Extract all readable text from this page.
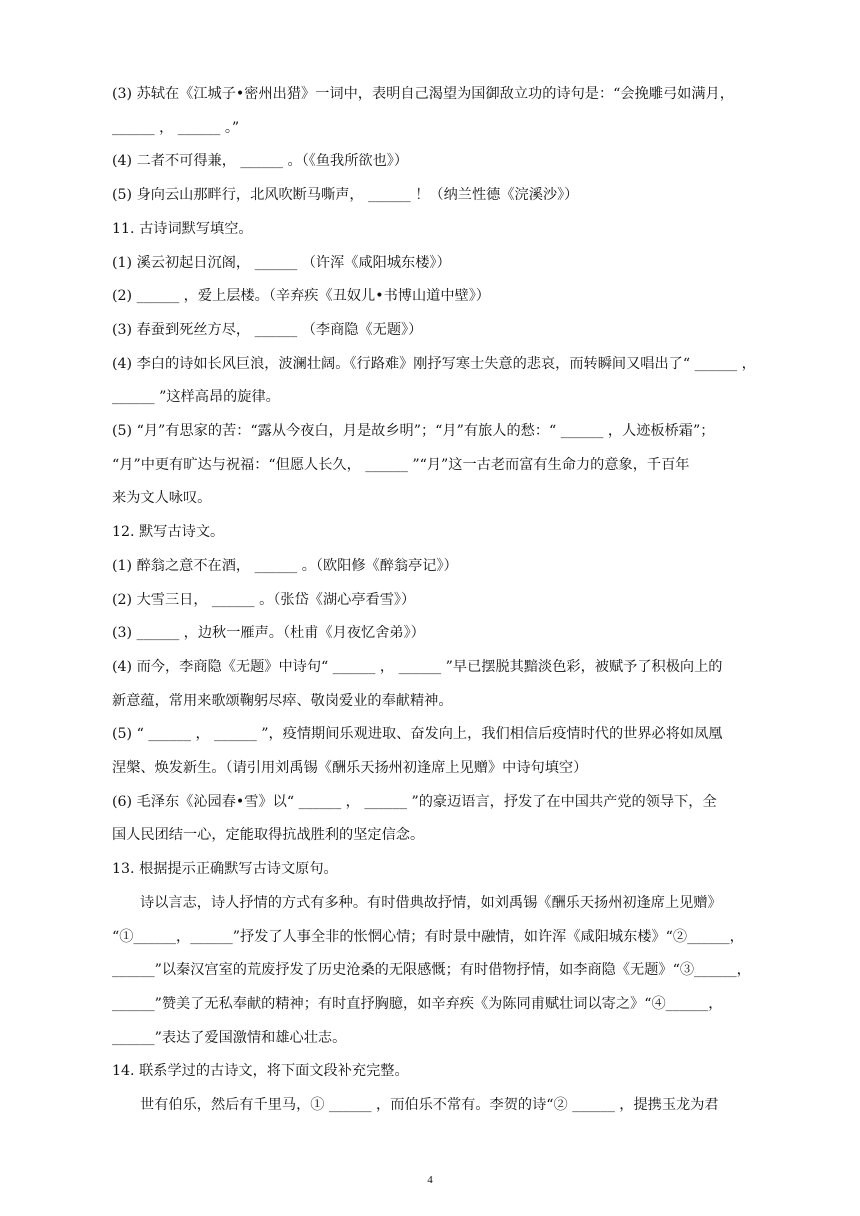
(3) 苏轼在《江城子•密州出猎》一词中，表明自己渴望为国御敌立功的诗句是：“会挽雕弓如满月，

______ ， ______ 。”

(4) 二者不可得兼， ______ 。（《鱼我所欲也》）

(5) 身向云山那畔行，北风吹断马嘶声， ______ ！（纳兰性德《浣溪沙》）

11. 古诗词默写填空。

(1) 溪云初起日沉阁， ______ （许浑《咸阳城东楼》）

(2) ______ ，爱上层楼。（辛弃疾《丑奴儿•书博山道中壁》）

(3) 春蚕到死丝方尽， ______ （李商隐《无题》）

(4) 李白的诗如长风巨浪，波澜壮阔。《行路难》刚抒写寒士失意的悲哀，而转瞬间又唱出了“ ______ ，

______ ”这样高昂的旋律。

(5) “月”有思家的苦：“露从今夜白，月是故乡明”；“月”有旅人的愁：“ ______ ，人迹板桥霜”；

“月”中更有旷达与祝福：“但愿人长久， ______ ”“月”这一古老而富有生命力的意象，千百年

来为文人咏叹。

12. 默写古诗文。

(1) 醉翁之意不在酒， ______ 。（欧阳修《醉翁亭记》）

(2) 大雪三日， ______ 。（张岱《湖心亭看雪》）

(3) ______ ，边秋一雁声。（杜甫《月夜忆舍弟》）

(4) 而今，李商隐《无题》中诗句“ ______ ， ______ ”早已摆脱其黯淡色彩，被赋予了积极向上的

新意蕴，常用来歌颂鞠躬尽瘁、敬岗爱业的奉献精神。

(5) “ ______ ， ______ ”，疫情期间乐观进取、奋发向上，我们相信后疫情时代的世界必将如凤凰

涅槃、焕发新生。（请引用刘禹锡《酬乐天扬州初逢席上见赠》中诗句填空）

(6) 毛泽东《沁园春•雪》以“ ______ ， ______ ”的豪迈语言，抒发了在中国共产党的领导下，全

国人民团结一心，定能取得抗战胜利的坚定信念。

13. 根据提示正确默写古诗文原句。

诗以言志，诗人抒情的方式有多种。有时借典故抒情，如刘禹锡《酬乐天扬州初逢席上见赠》

“①______，______”抒发了人事全非的怅惘心情；有时景中融情，如许浑《咸阳城东楼》“②______，

______”以秦汉宫室的荒废抒发了历史沧桑的无限感慨；有时借物抒情，如李商隐《无题》“③______，

______”赞美了无私奉献的精神；有时直抒胸臆，如辛弃疾《为陈同甫赋壮词以寄之》“④______，

______”表达了爱国激情和雄心壮志。

14. 联系学过的古诗文，将下面文段补充完整。

世有伯乐，然后有千里马，① ______ ，而伯乐不常有。李贺的诗“② ______ ，提携玉龙为君

4
